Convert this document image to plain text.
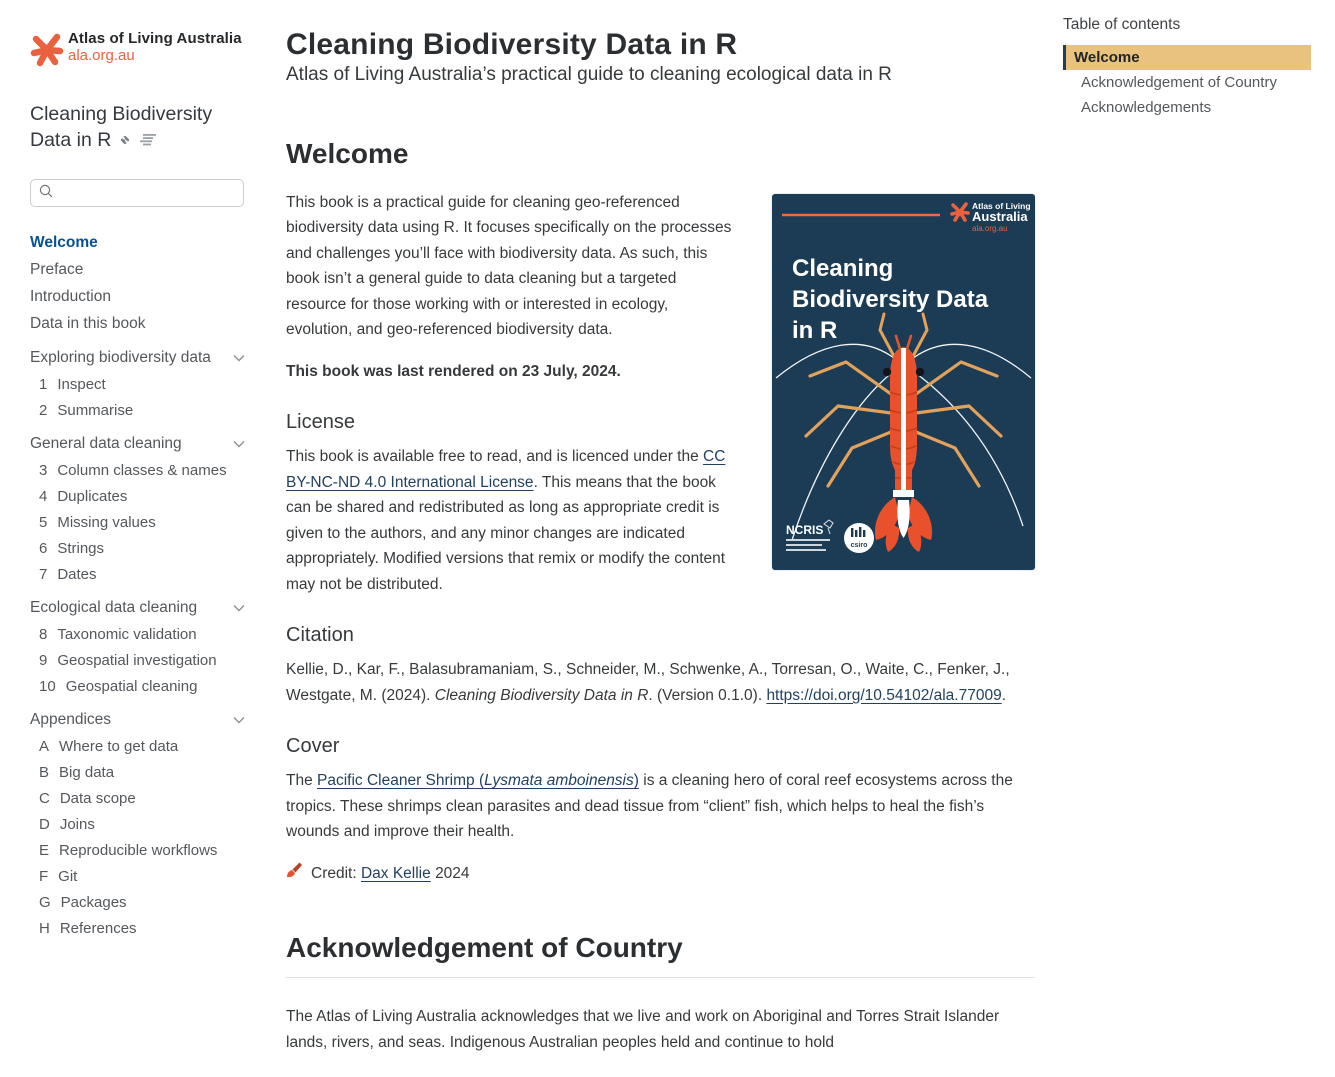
Atlas of Living Australia
ala.org.au
Cleaning Biodiversity Data in R
Welcome
Preface
Introduction
Data in this book
Exploring biodiversity data
1 Inspect
2 Summarise
General data cleaning
3 Column classes & names
4 Duplicates
5 Missing values
6 Strings
7 Dates
Ecological data cleaning
8 Taxonomic validation
9 Geospatial investigation
10 Geospatial cleaning
Appendices
A Where to get data
B Big data
C Data scope
D Joins
E Reproducible workflows
F Git
G Packages
H References
Cleaning Biodiversity Data in R

Atlas of Living Australia’s practical guide to cleaning ecological data in R

Welcome
Atlas of Living
Australia
ala.org.au
Cleaning
Biodiversity Data
in R
NCRIS
csiro

This book is a practical guide for cleaning geo-referenced biodiversity data using R. It focuses specifically on the processes and challenges you’ll face with biodiversity data. As such, this book isn’t a general guide to data cleaning but a targeted resource for those working with or interested in ecology, evolution, and geo-referenced biodiversity data.

This book was last rendered on 23 July, 2024.

License

This book is available free to read, and is licenced under the CC BY-NC-ND 4.0 International License. This means that the book can be shared and redistributed as long as appropriate credit is given to the authors, and any minor changes are indicated appropriately. Modified versions that remix or modify the content may not be distributed.

Citation

Kellie, D., Kar, F., Balasubramaniam, S., Schneider, M., Schwenke, A., Torresan, O., Waite, C., Fenker, J., Westgate, M. (2024). Cleaning Biodiversity Data in R. (Version 0.1.0). https://doi.org/10.54102/ala.77009.

Cover

The Pacific Cleaner Shrimp (Lysmata amboinensis) is a cleaning hero of coral reef ecosystems across the tropics. These shrimps clean parasites and dead tissue from “client” fish, which helps to heal the fish’s wounds and improve their health.

Credit: Dax Kellie 2024

Acknowledgement of Country

The Atlas of Living Australia acknowledges that we live and work on Aboriginal and Torres Strait Islander lands, rivers, and seas. Indigenous Australian peoples held and continue to hold

Table of contents
Welcome
Acknowledgement of Country
Acknowledgements
